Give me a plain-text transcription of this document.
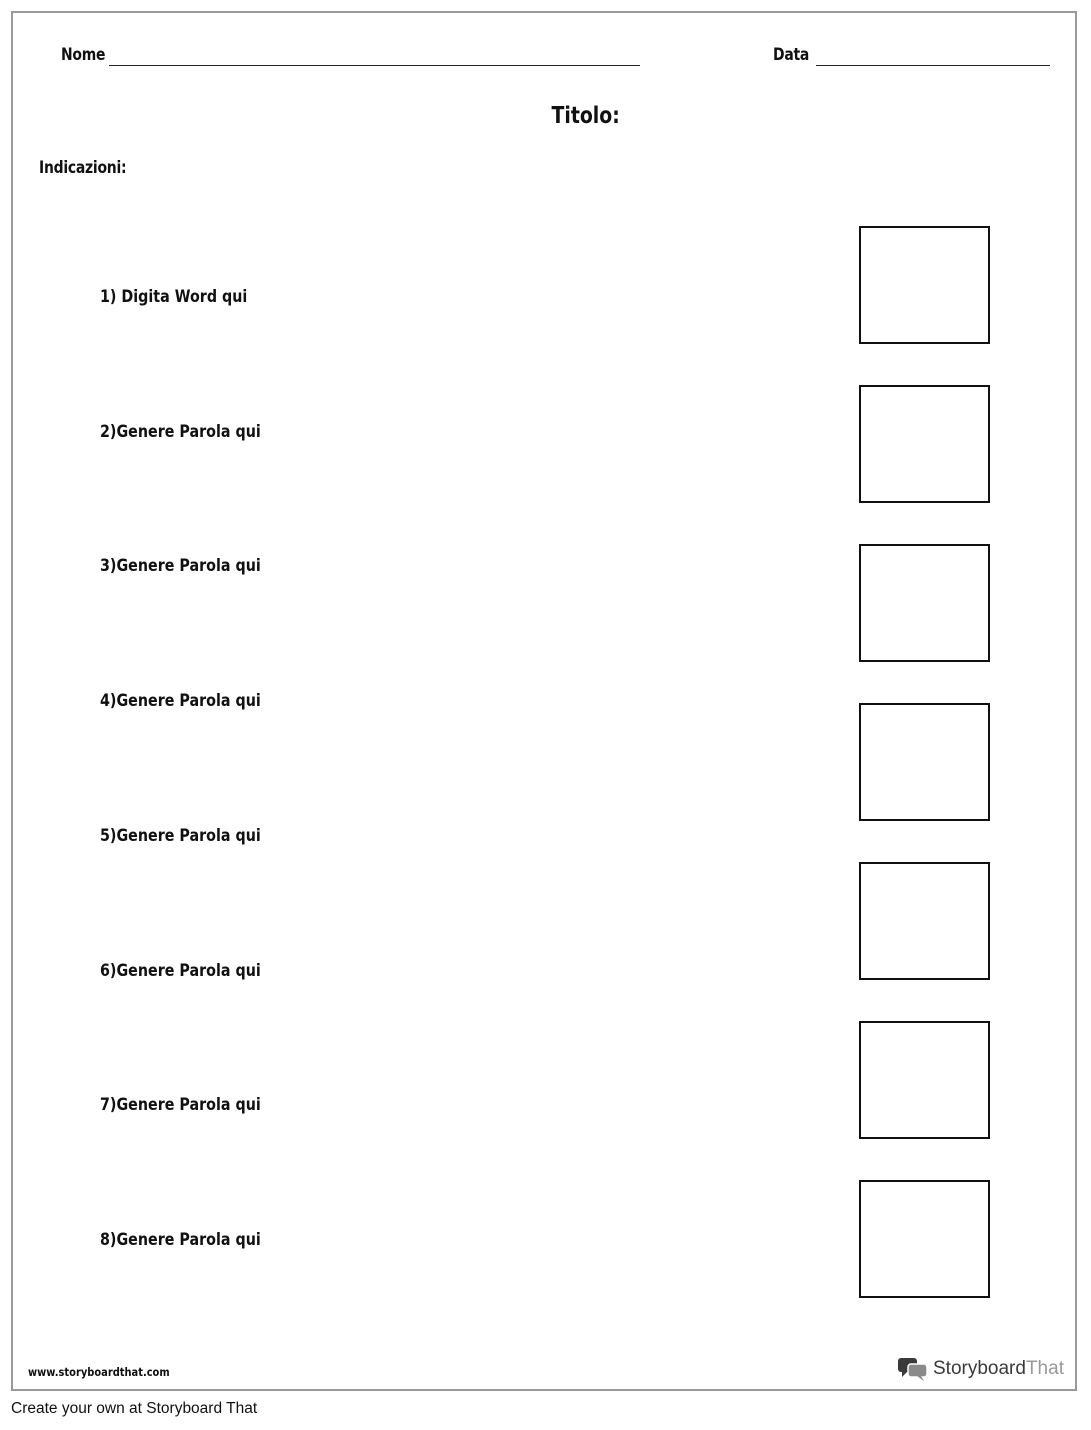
Nome	Data
Titolo:
Indicazioni:
1) Digita Word qui
2)Genere Parola qui
3)Genere Parola qui
4)Genere Parola qui
5)Genere Parola qui
6)Genere Parola qui
7)Genere Parola qui
8)Genere Parola qui
www.storyboardthat.com	StoryboardThat
Create your own at Storyboard That
